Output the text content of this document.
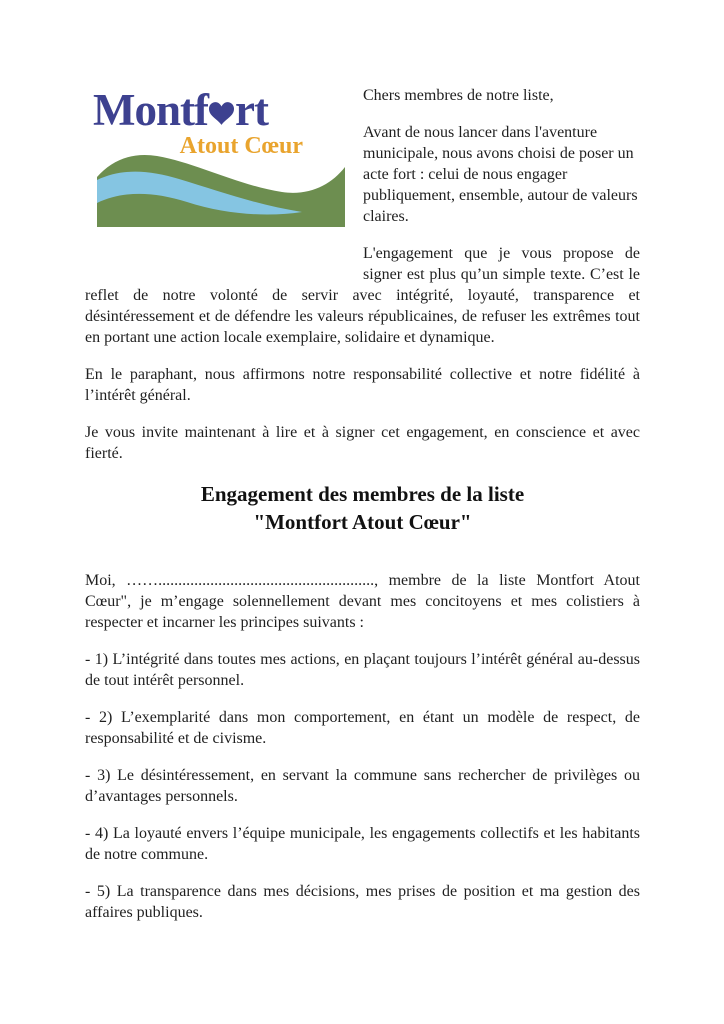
Montf rt
Atout Cœur

Chers membres de notre liste,

Avant de nous lancer dans l'aventure municipale, nous avons choisi de poser un acte fort : celui de nous engager publiquement, ensemble, autour de valeurs claires.

L'engagement que je vous propose de signer est plus qu’un simple texte. C’est le reflet de notre volonté de servir avec intégrité, loyauté, transparence et désintéressement et de défendre les valeurs républicaines, de refuser les extrêmes tout en portant une action locale exemplaire, solidaire et dynamique.

En le paraphant, nous affirmons notre responsabilité collective et notre fidélité à l’intérêt général.

Je vous invite maintenant à lire et à signer cet engagement, en conscience et avec fierté.

Engagement des membres de la liste
"Montfort Atout Cœur"

Moi, ……......................................................, membre de la liste Montfort Atout Cœur", je m’engage solennellement devant mes concitoyens et mes colistiers à respecter et incarner les principes suivants :

- 1) L’intégrité dans toutes mes actions, en plaçant toujours l’intérêt général au-dessus de tout intérêt personnel.

- 2) L’exemplarité dans mon comportement, en étant un modèle de respect, de responsabilité et de civisme.

- 3) Le désintéressement, en servant la commune sans rechercher de privilèges ou d’avantages personnels.

- 4) La loyauté envers l’équipe municipale, les engagements collectifs et les habitants de notre commune.

- 5) La transparence dans mes décisions, mes prises de position et ma gestion des affaires publiques.
